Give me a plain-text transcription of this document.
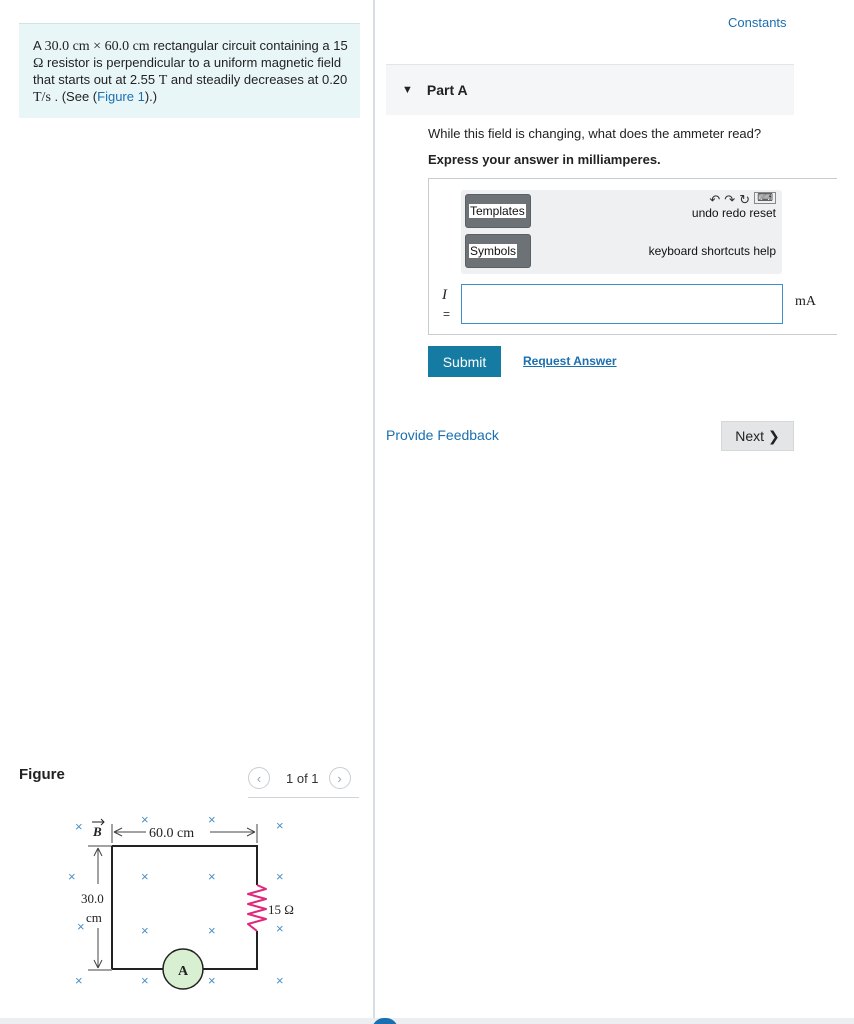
A 30.0 cm × 60.0 cm rectangular circuit containing a 15 Ω resistor is perpendicular to a uniform magnetic field that starts out at 2.55 T and steadily decreases at 0.20 T/s . (See (Figure 1).)
Figure	‹ 1 of 1 ›
×	×	×	×
×	×	×	×
×	×	×	×
×	×	×	×
B	60.0 cm
30.0
cm
15 Ω
A
Constants
▼ Part A
While this field is changing, what does the ammeter read?
Express your answer in milliamperes.
Templates
Symbols
↶ ↷ ↻ ⌨
undo redo reset
keyboard shortcuts help
I
=
mA
Submit	Request Answer
Provide Feedback	Next ❯
